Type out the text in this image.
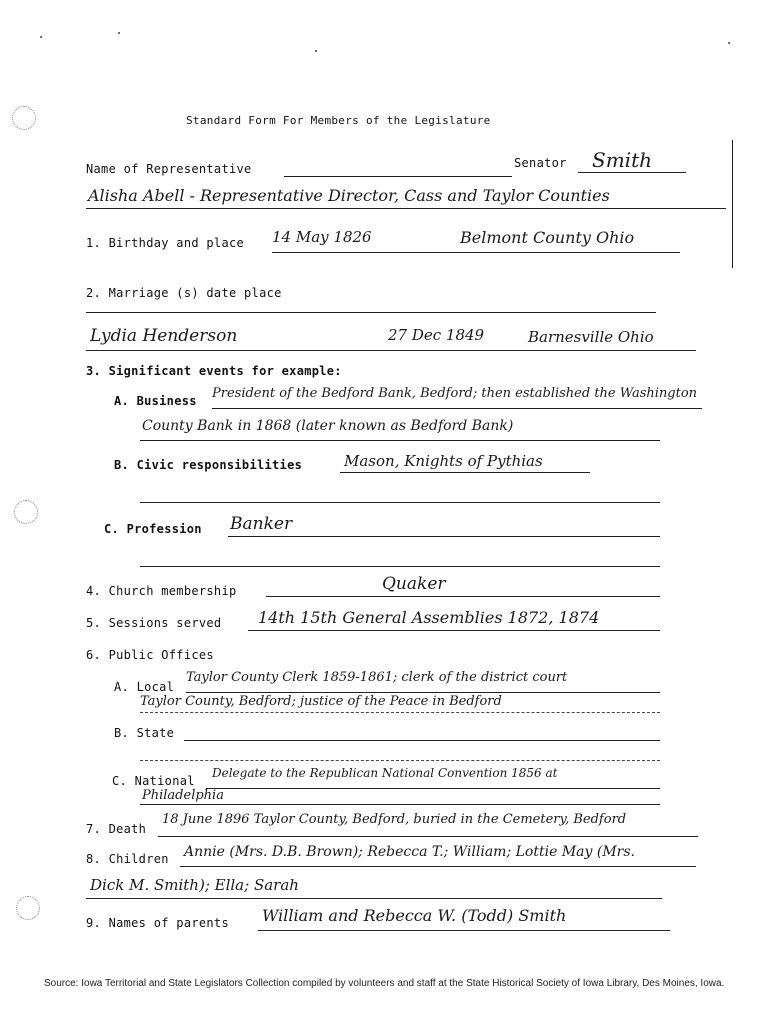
Standard Form For Members of the Legislature
Name of Representative	Senator Smith
Alisha Abell - Representative Director, Cass and Taylor Counties
1. Birthday and place 14 May 1826	Belmont County Ohio
2. Marriage (s) date place
Lydia Henderson	27 Dec 1849	Barnesville Ohio
3. Significant events for example:
A. Business President of the Bedford Bank, Bedford; then established the Washington
County Bank in 1868 (later known as Bedford Bank)
B. Civic responsibilities	Mason, Knights of Pythias
C. Profession Banker
4. Church membership	Quaker
5. Sessions served 14th 15th General Assemblies 1872, 1874
6. Public Offices
A. Local
Taylor County Clerk 1859-1861; clerk of the district court
Taylor County, Bedford; justice of the Peace in Bedford
B. State
C. National
Delegate to the Republican National Convention 1856 at
Philadelphia
7. Death
18 June 1896 Taylor County, Bedford, buried in the Cemetery, Bedford
8. Children Annie (Mrs. D.B. Brown); Rebecca T.; William; Lottie May (Mrs.
Dick M. Smith); Ella; Sarah
9. Names of parents William and Rebecca W. (Todd) Smith
Source: Iowa Territorial and State Legislators Collection compiled by volunteers and staff at the State Historical Society of Iowa Library, Des Moines, Iowa.
